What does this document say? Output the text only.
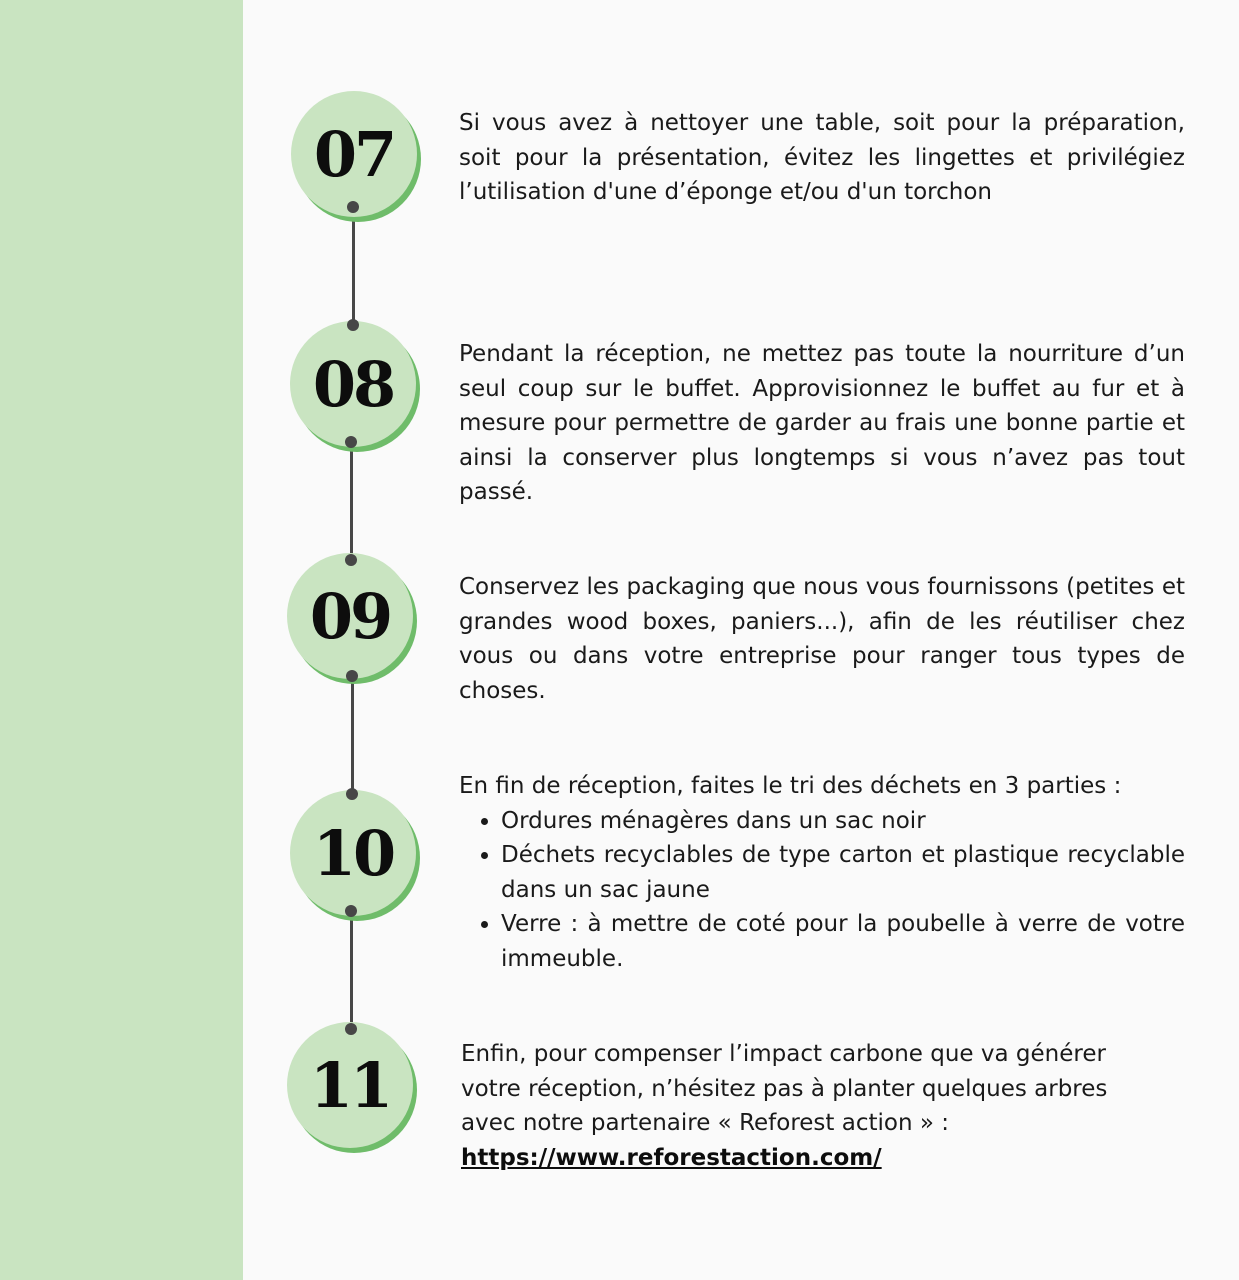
07
08
09
10
11

Si vous avez à nettoyer une table, soit pour la préparation, soit pour la présentation, évitez les lingettes et privilégiez l’utilisation d'une d’éponge et/ou d'un torchon

Pendant la réception, ne mettez pas toute la nourriture d’un seul coup sur le buffet. Approvisionnez le buffet au fur et à mesure pour permettre de garder au frais une bonne partie et ainsi la conserver plus longtemps si vous n’avez pas tout passé.

Conservez les packaging que nous vous fournissons (petites et grandes wood boxes, paniers...), afin de les réutiliser chez vous ou dans votre entreprise pour ranger tous types de choses.

En fin de réception, faites le tri des déchets en 3 parties :

• Ordures ménagères dans un sac noir
• Déchets recyclables de type carton et plastique recyclable dans un sac jaune
• Verre : à mettre de coté pour la poubelle à verre de votre immeuble.

Enfin, pour compenser l’impact carbone que va générer votre réception, n’hésitez pas à planter quelques arbres avec notre partenaire « Reforest action » : https://www.reforestaction.com/
